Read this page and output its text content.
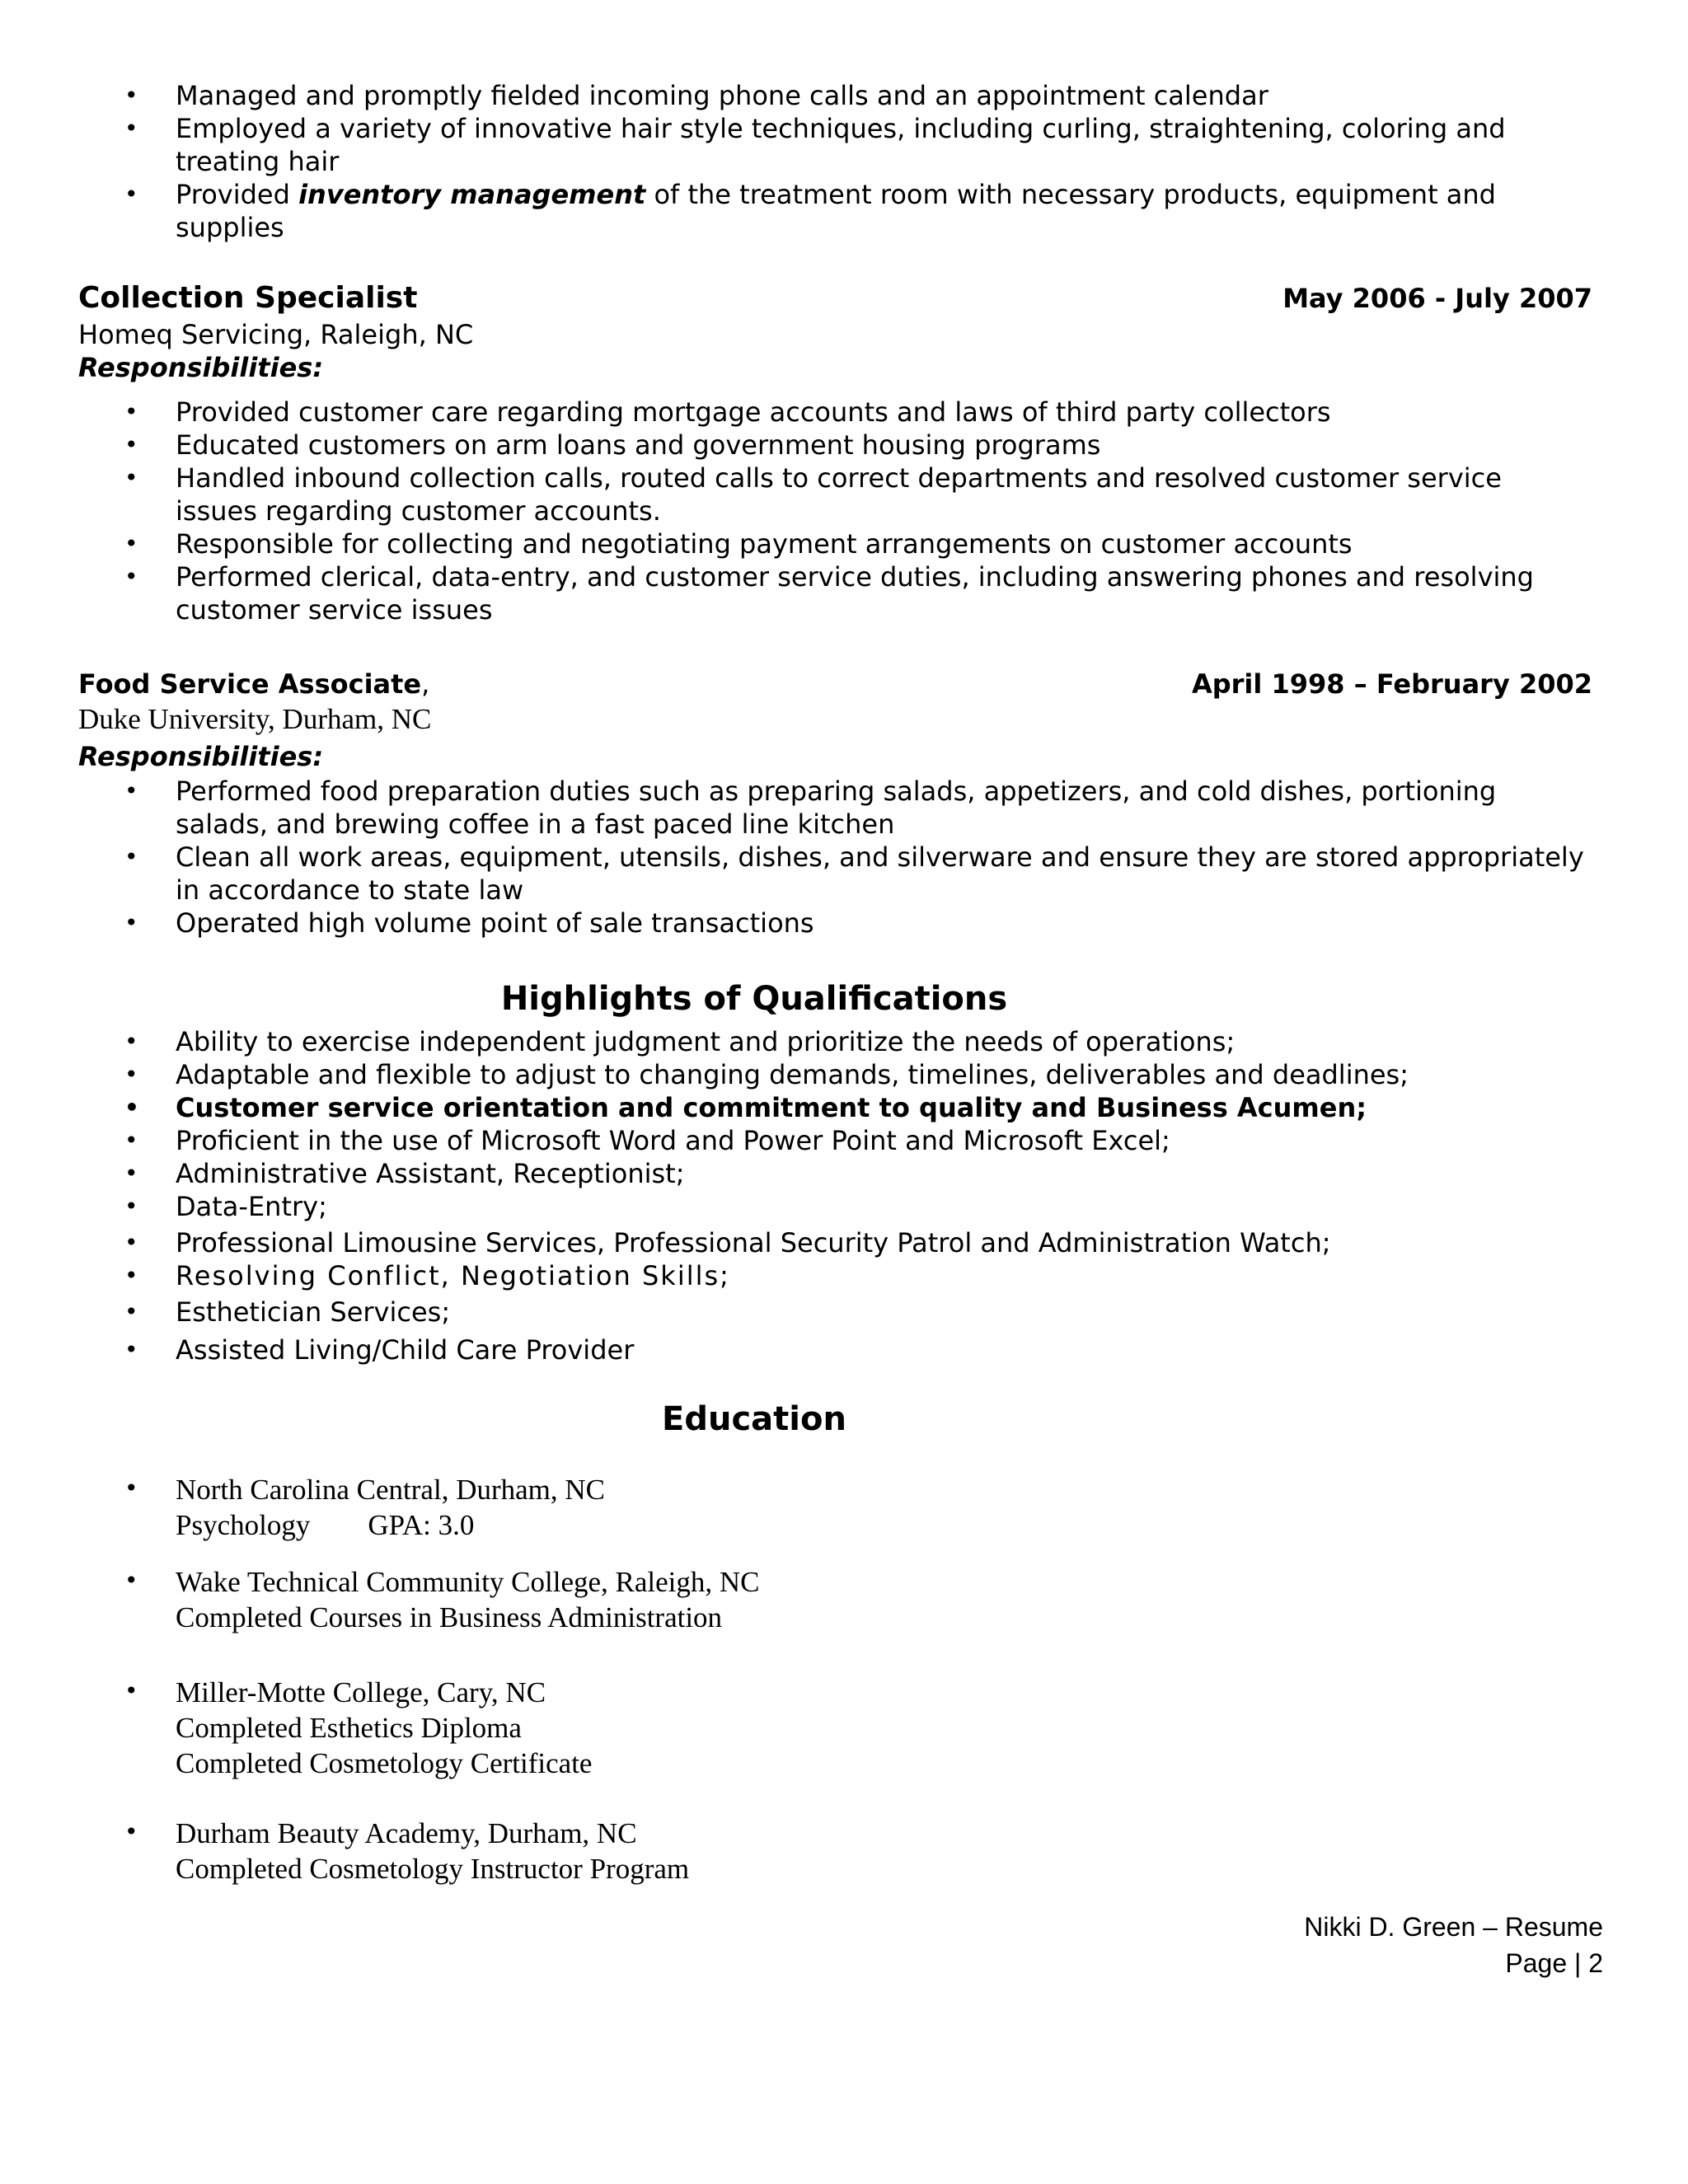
• Managed and promptly fielded incoming phone calls and an appointment calendar
• Employed a variety of innovative hair style techniques, including curling, straightening, coloring and treating hair
• Provided inventory management of the treatment room with necessary products, equipment and supplies
Collection Specialist	May 2006 - July 2007
Homeq Servicing, Raleigh, NC
Responsibilities:
• Provided customer care regarding mortgage accounts and laws of third party collectors
• Educated customers on arm loans and government housing programs
• Handled inbound collection calls, routed calls to correct departments and resolved customer service issues regarding customer accounts.
• Responsible for collecting and negotiating payment arrangements on customer accounts
• Performed clerical, data-entry, and customer service duties, including answering phones and resolving customer service issues
Food Service Associate,	April 1998 – February 2002
Duke University, Durham, NC
Responsibilities:
• Performed food preparation duties such as preparing salads, appetizers, and cold dishes, portioning salads, and brewing coffee in a fast paced line kitchen
• Clean all work areas, equipment, utensils, dishes, and silverware and ensure they are stored appropriately in accordance to state law
• Operated high volume point of sale transactions
Highlights of Qualifications
• Ability to exercise independent judgment and prioritize the needs of operations;
• Adaptable and flexible to adjust to changing demands, timelines, deliverables and deadlines;
• Customer service orientation and commitment to quality and Business Acumen;
• Proficient in the use of Microsoft Word and Power Point and Microsoft Excel;
• Administrative Assistant, Receptionist;
• Data-Entry;
• Professional Limousine Services, Professional Security Patrol and Administration Watch;
• Resolving Conflict, Negotiation Skills;
• Esthetician Services;
• Assisted Living/Child Care Provider
Education
• North Carolina Central, Durham, NC
Psychology GPA: 3.0
• Wake Technical Community College, Raleigh, NC
Completed Courses in Business Administration
• Miller-Motte College, Cary, NC
Completed Esthetics Diploma
Completed Cosmetology Certificate
• Durham Beauty Academy, Durham, NC
Completed Cosmetology Instructor Program
Nikki D. Green – Resume
Page | 2
